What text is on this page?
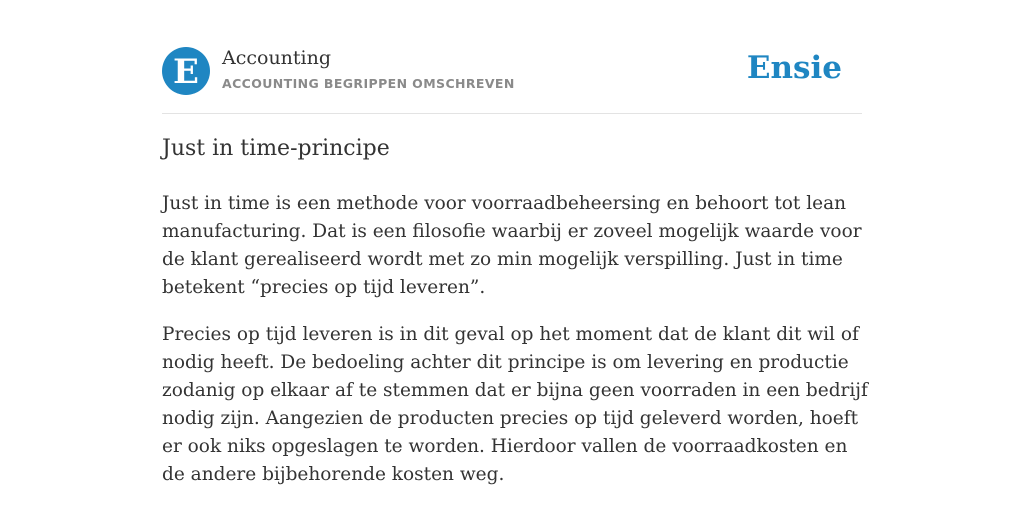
E Accounting
ACCOUNTING BEGRIPPEN OMSCHREVEN	Ensie
Just in time-principe

Just in time is een methode voor voorraadbeheersing en behoort tot lean manufacturing. Dat is een filosofie waarbij er zoveel mogelijk waarde voor de klant gerealiseerd wordt met zo min mogelijk verspilling. Just in time betekent “precies op tijd leveren”.

Precies op tijd leveren is in dit geval op het moment dat de klant dit wil of nodig heeft. De bedoeling achter dit principe is om levering en productie zodanig op elkaar af te stemmen dat er bijna geen voorraden in een bedrijf nodig zijn. Aangezien de producten precies op tijd geleverd worden, hoeft er ook niks opgeslagen te worden. Hierdoor vallen de voorraadkosten en de andere bijbehorende kosten weg.
